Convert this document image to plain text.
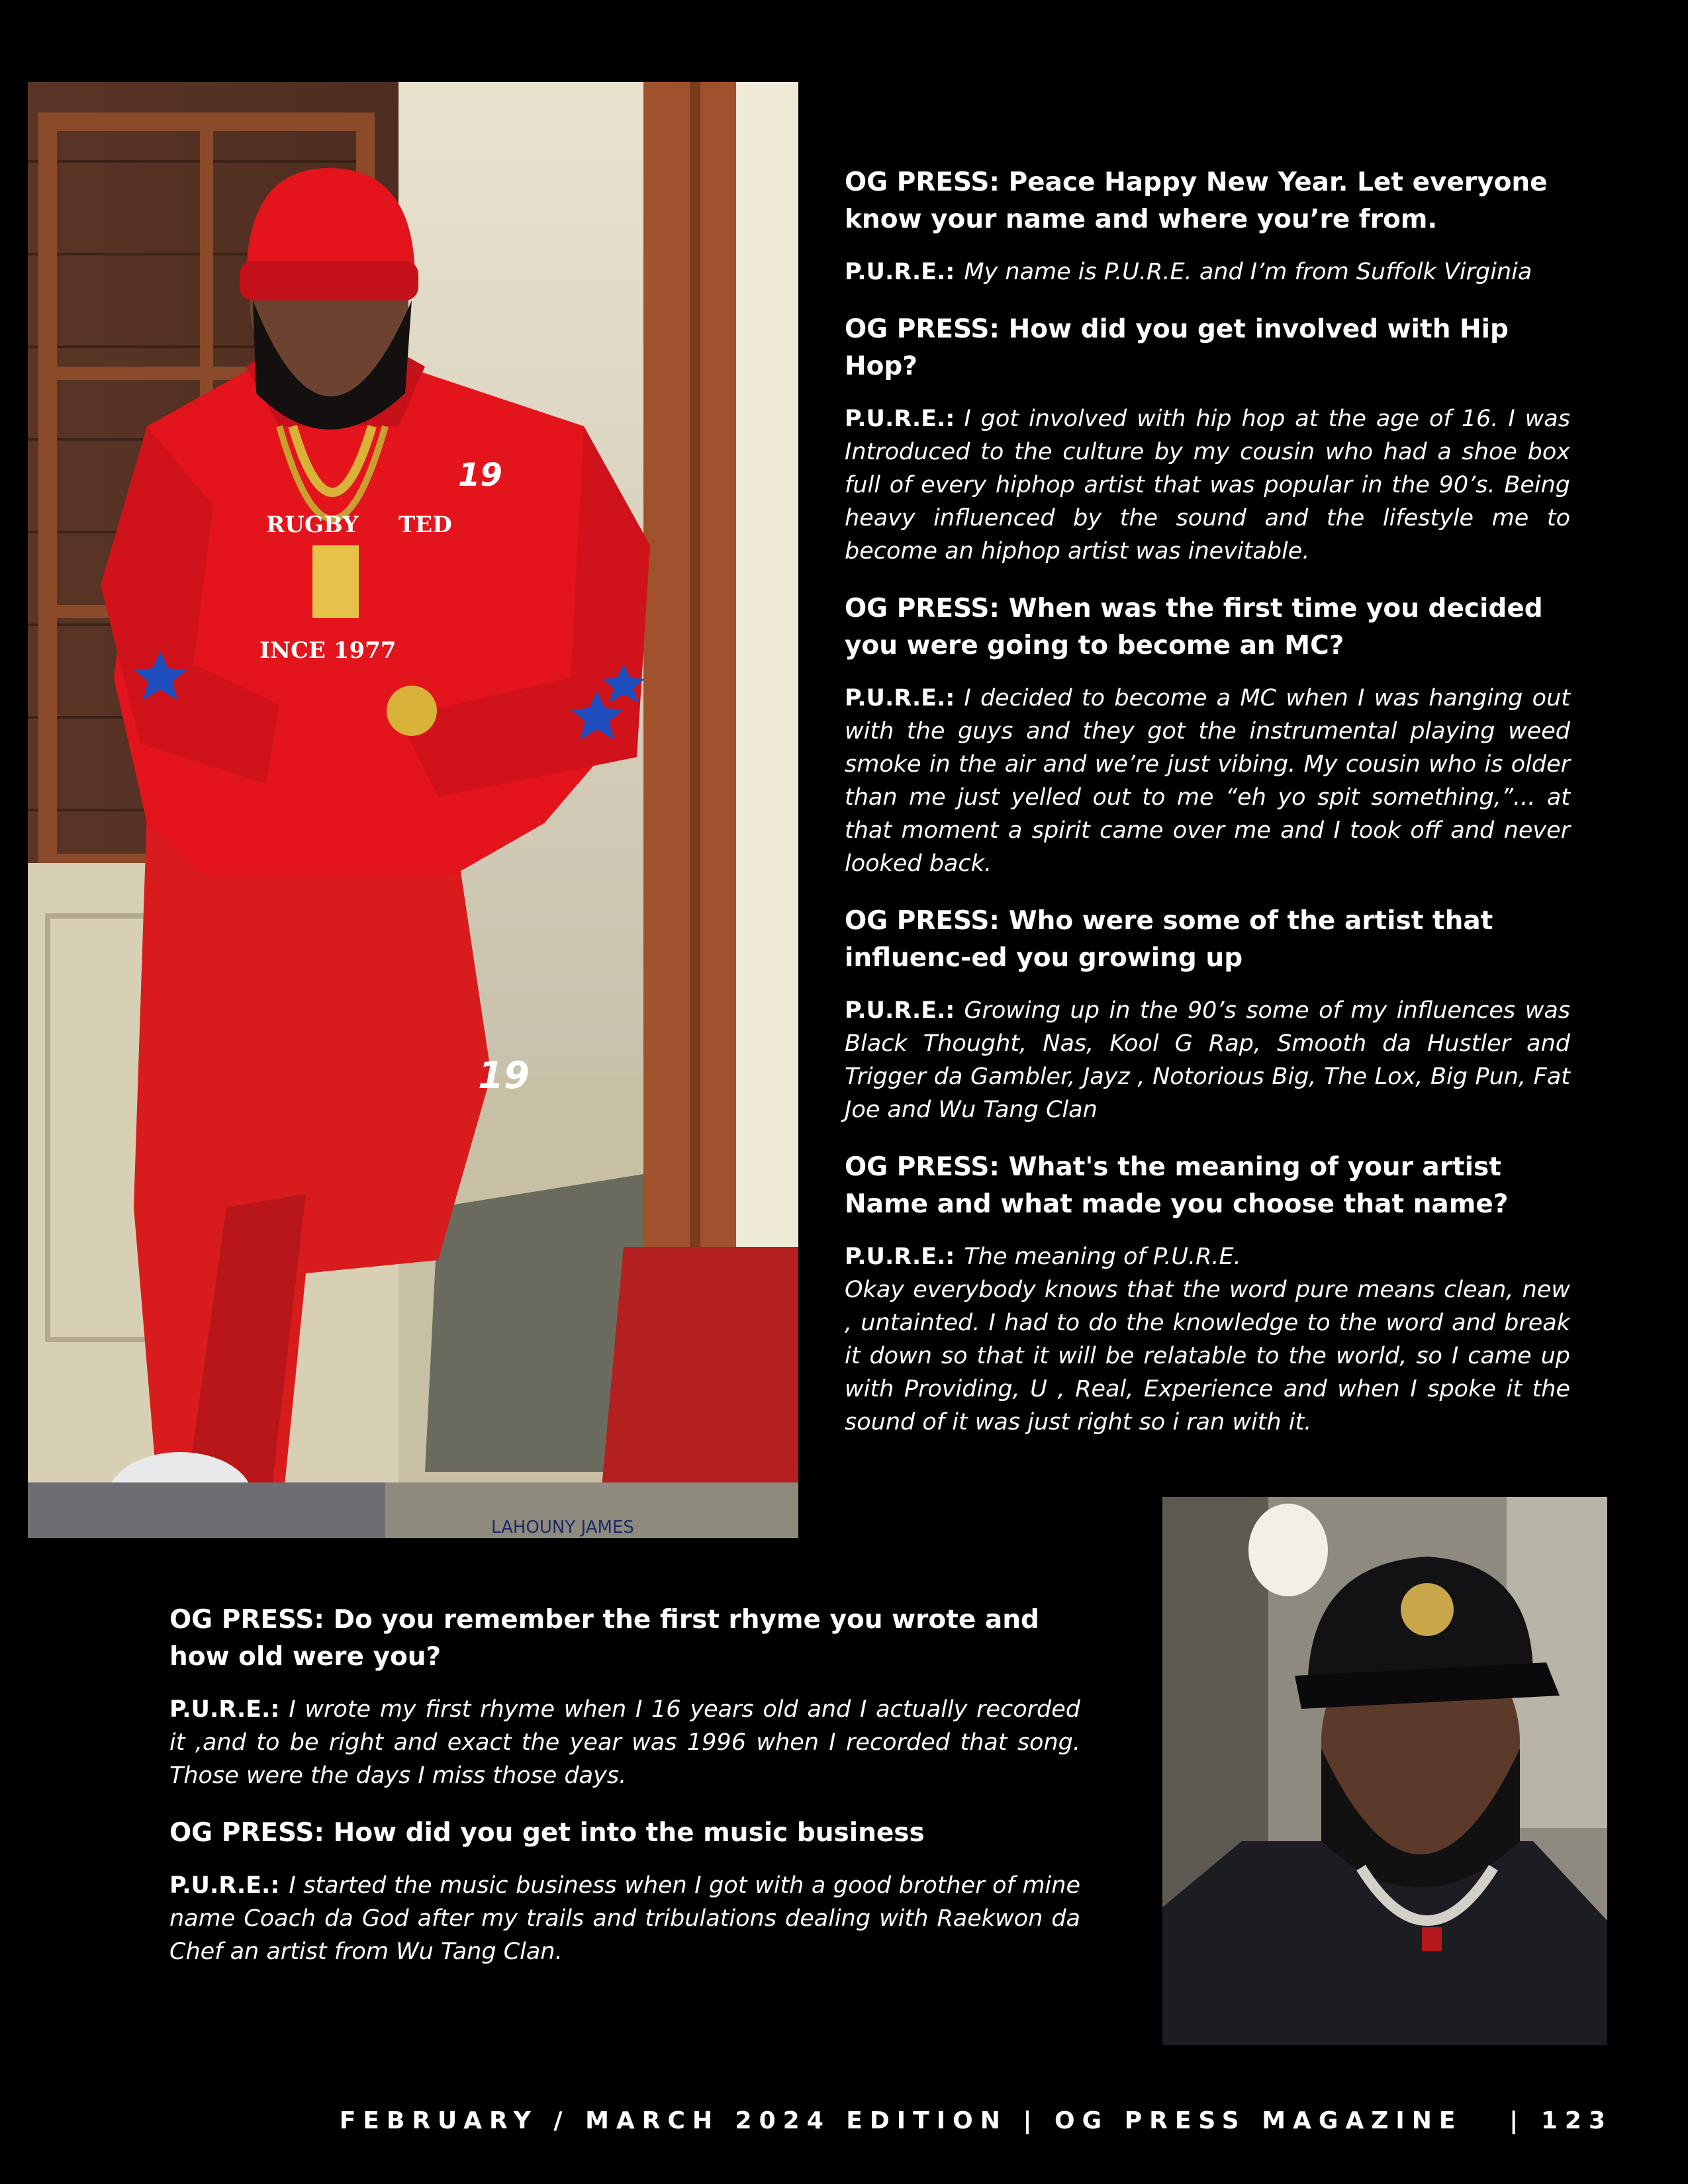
RUGBY TED
INCE 1977
19
19
LAHOUNY JAMES

OG PRESS: Peace Happy New Year. Let everyone know your name and where you’re from.

P.U.R.E.: My name is P.U.R.E. and I’m from Suffolk Virginia

OG PRESS: How did you get involved with Hip Hop?

P.U.R.E.: I got involved with hip hop at the age of 16. I was Introduced to the culture by my cousin who had a shoe box full of every hiphop artist that was popular in the 90’s. Being heavy influenced by the sound and the lifestyle me to become an hiphop artist was inevitable.

OG PRESS: When was the first time you decided you were going to become an MC?

P.U.R.E.: I decided to become a MC when I was hanging out with the guys and they got the instrumental playing weed smoke in the air and we’re just vibing. My cousin who is older than me just yelled out to me “eh yo spit something,”... at that moment a spirit came over me and I took off and never looked back.

OG PRESS: Who were some of the artist that influenc-ed you growing up

P.U.R.E.: Growing up in the 90’s some of my influences was Black Thought, Nas, Kool G Rap, Smooth da Hustler and Trigger da Gambler, Jayz , Notorious Big, The Lox, Big Pun, Fat Joe and Wu Tang Clan

OG PRESS: What's the meaning of your artist Name and what made you choose that name?

P.U.R.E.: The meaning of P.U.R.E.
Okay everybody knows that the word pure means clean, new , untainted. I had to do the knowledge to the word and break it down so that it will be relatable to the world, so I came up with Providing, U , Real, Experience and when I spoke it the sound of it was just right so i ran with it.

OG PRESS: Do you remember the first rhyme you wrote and how old were you?

P.U.R.E.: I wrote my first rhyme when I 16 years old and I actually recorded it ,and to be right and exact the year was 1996 when I recorded that song. Those were the days I miss those days.

OG PRESS: How did you get into the music business

P.U.R.E.: I started the music business when I got with a good brother of mine name Coach da God after my trails and tribulations dealing with Raekwon da Chef an artist from Wu Tang Clan.

FEBRUARY / MARCH 2024 EDITION | OG PRESS MAGAZINE | 123
